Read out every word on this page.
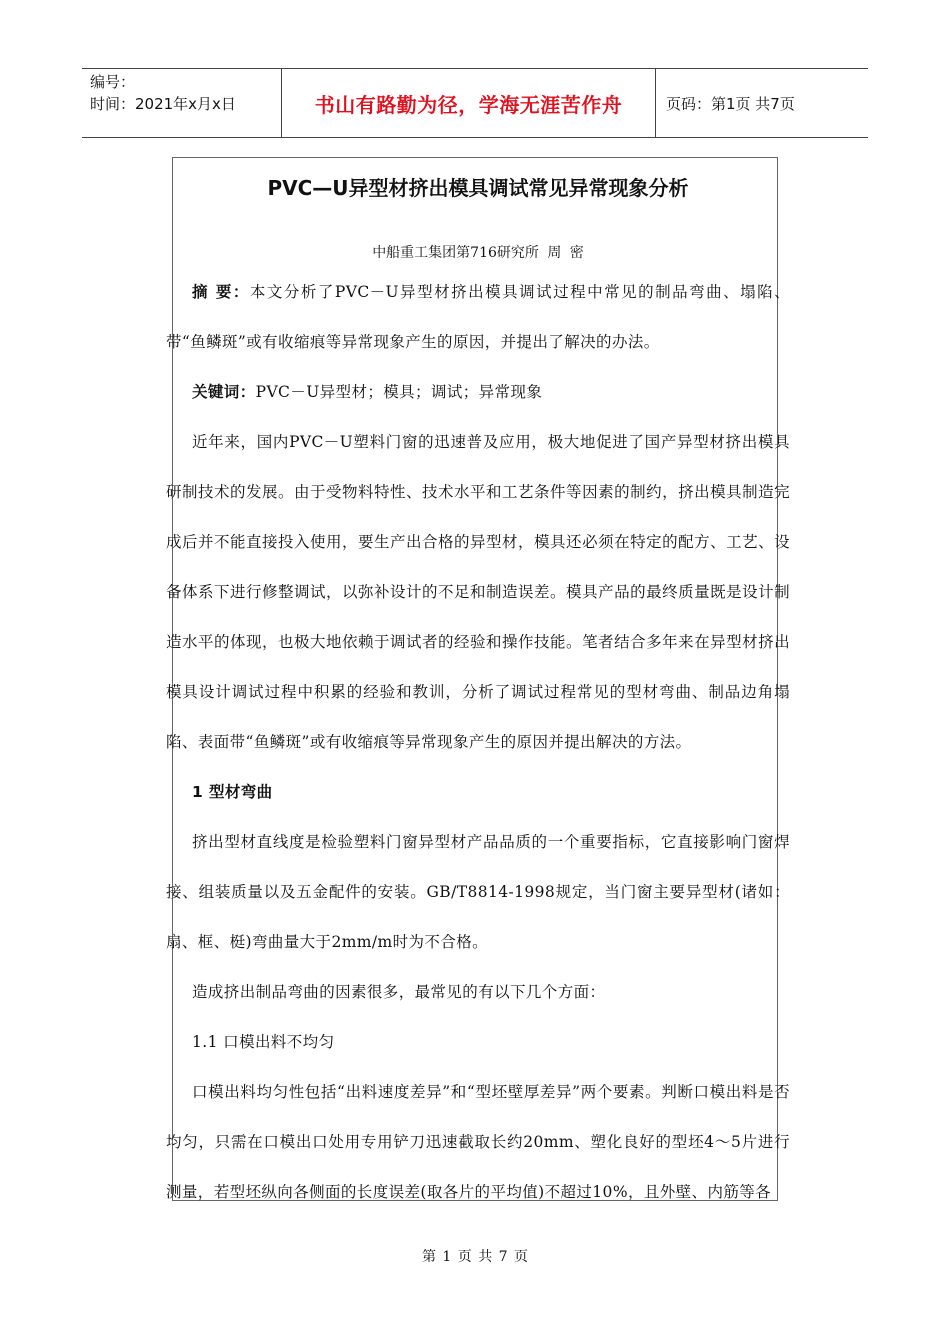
编号：
时间：2021年x月x日	书山有路勤为径，学海无涯苦作舟	页码：第1页 共7页
PVC—U异型材挤出模具调试常见异常现象分析
中船重工集团第716研究所 周 密
摘 要：本文分析了PVC－U异型材挤出模具调试过程中常见的制品弯曲、塌陷、带“鱼鳞斑”或有收缩痕等异常现象产生的原因，并提出了解决的办法。
关键词：PVC－U异型材；模具；调试；异常现象
近年来，国内PVC－U塑料门窗的迅速普及应用，极大地促进了国产异型材挤出模具研制技术的发展。由于受物料特性、技术水平和工艺条件等因素的制约，挤出模具制造完成后并不能直接投入使用，要生产出合格的异型材，模具还必须在特定的配方、工艺、设备体系下进行修整调试，以弥补设计的不足和制造误差。模具产品的最终质量既是设计制造水平的体现，也极大地依赖于调试者的经验和操作技能。笔者结合多年来在异型材挤出模具设计调试过程中积累的经验和教训，分析了调试过程常见的型材弯曲、制品边角塌陷、表面带“鱼鳞斑”或有收缩痕等异常现象产生的原因并提出解决的方法。
1 型材弯曲
挤出型材直线度是检验塑料门窗异型材产品品质的一个重要指标，它直接影响门窗焊接、组装质量以及五金配件的安装。GB/T8814-1998规定，当门窗主要异型材(诸如：扇、框、梃)弯曲量大于2mm/m时为不合格。
造成挤出制品弯曲的因素很多，最常见的有以下几个方面：
1.1 口模出料不均匀
口模出料均匀性包括“出料速度差异”和“型坯壁厚差异”两个要素。判断口模出料是否均匀，只需在口模出口处用专用铲刀迅速截取长约20mm、塑化良好的型坯4～5片进行测量，若型坯纵向各侧面的长度误差(取各片的平均值)不超过10%，且外壁、内筋等各
第 1 页 共 7 页
